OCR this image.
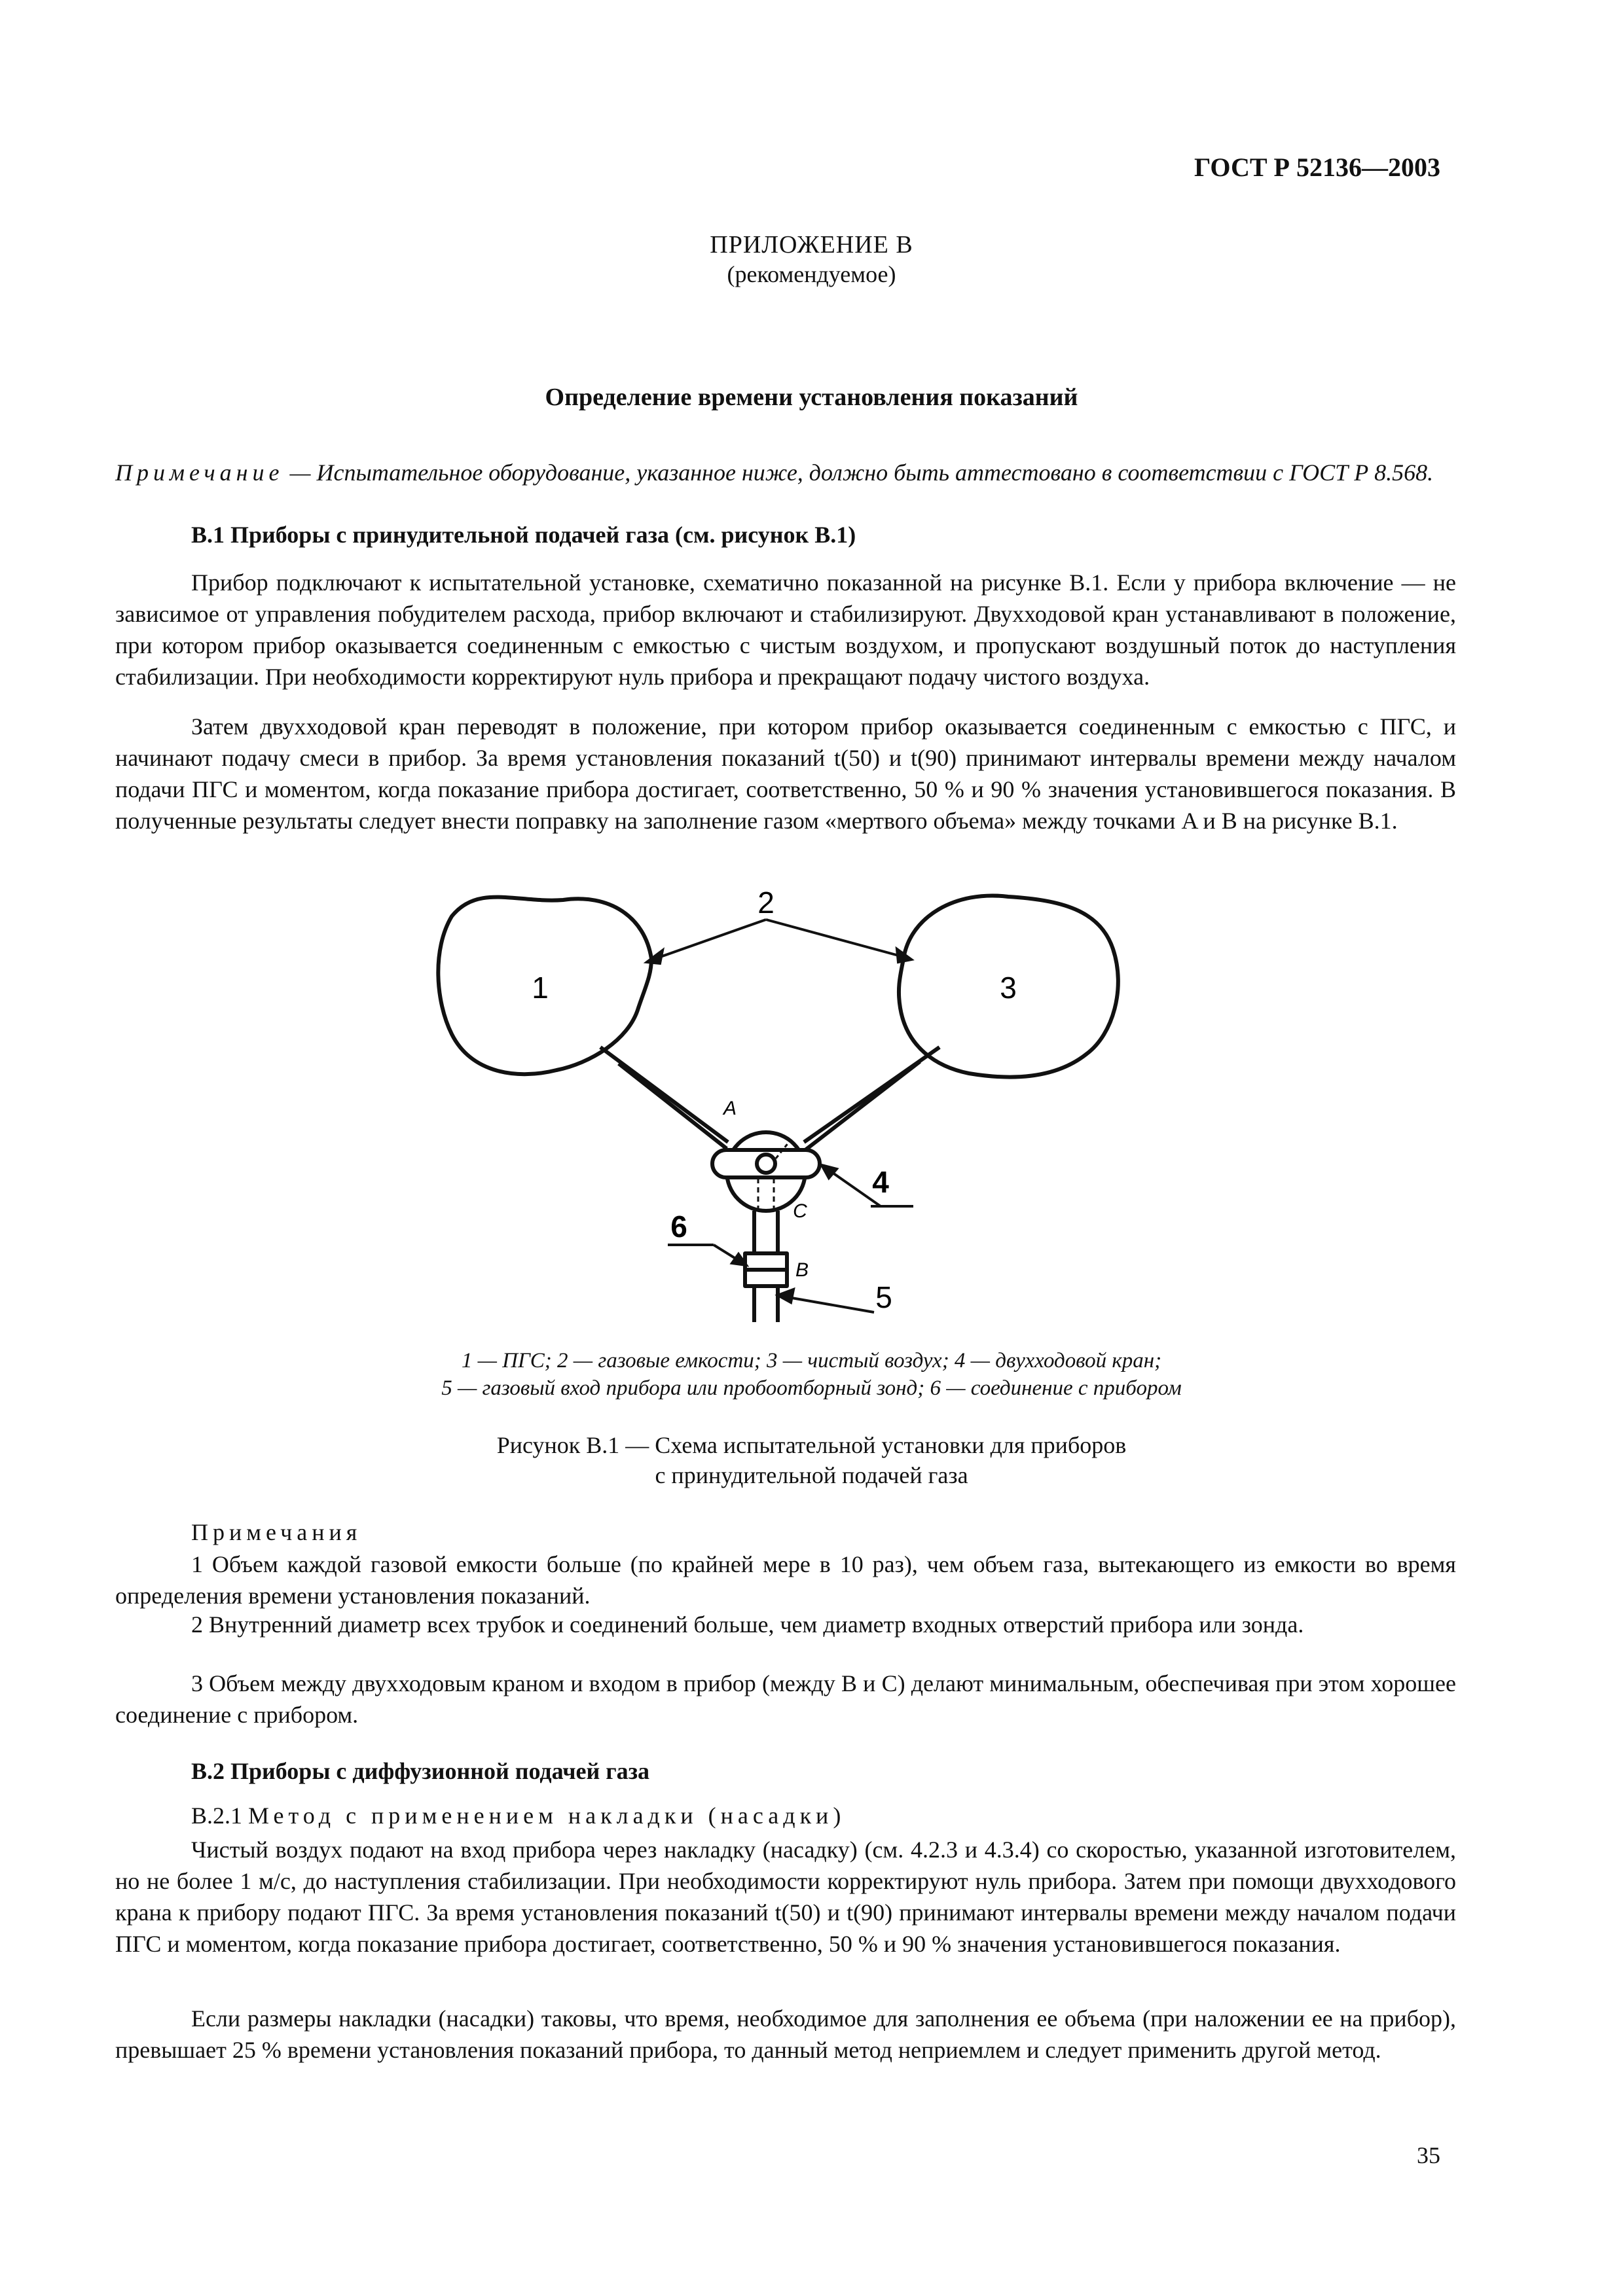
ГОСТ Р 52136—2003
ПРИЛОЖЕНИЕ В
(рекомендуемое)
Определение времени установления показаний
Примечание — Испытательное оборудование, указанное ниже, должно быть аттестовано в соответствии с ГОСТ Р 8.568.
В.1 Приборы с принудительной подачей газа (см. рисунок В.1)
Прибор подключают к испытательной установке, схематично показанной на рисунке В.1. Если у прибора включение — не зависимое от управления побудителем расхода, прибор включают и стабилизируют. Двухходовой кран устанавливают в положение, при котором прибор оказывается соединенным с емкостью с чистым воздухом, и пропускают воздушный поток до наступления стабилизации. При необходимости корректируют нуль прибора и прекращают подачу чистого воздуха.
Затем двухходовой кран переводят в положение, при котором прибор оказывается соединенным с емкостью с ПГС, и начинают подачу смеси в прибор. За время установления показаний t(50) и t(90) принимают интервалы времени между началом подачи ПГС и моментом, когда показание прибора достигает, соответственно, 50 % и 90 % значения установившегося показания. В полученные результаты следует внести поправку на заполнение газом «мертвого объема» между точками A и B на рисунке В.1.
2
1	3
A
4
C
6
B
5
1 — ПГС; 2 — газовые емкости; 3 — чистый воздух; 4 — двухходовой кран;
5 — газовый вход прибора или пробоотборный зонд; 6 — соединение с прибором
Рисунок В.1 — Схема испытательной установки для приборов
с принудительной подачей газа
Примечания
1 Объем каждой газовой емкости больше (по крайней мере в 10 раз), чем объем газа, вытекающего из емкости во время определения времени установления показаний.
2 Внутренний диаметр всех трубок и соединений больше, чем диаметр входных отверстий прибора или зонда.
3 Объем между двухходовым краном и входом в прибор (между B и C) делают минимальным, обеспечивая при этом хорошее соединение с прибором.
В.2 Приборы с диффузионной подачей газа
В.2.1 Метод с применением накладки (насадки)
Чистый воздух подают на вход прибора через накладку (насадку) (см. 4.2.3 и 4.3.4) со скоростью, указанной изготовителем, но не более 1 м/с, до наступления стабилизации. При необходимости корректируют нуль прибора. Затем при помощи двухходового крана к прибору подают ПГС. За время установления показаний t(50) и t(90) принимают интервалы времени между началом подачи ПГС и моментом, когда показание прибора достигает, соответственно, 50 % и 90 % значения установившегося показания.
Если размеры накладки (насадки) таковы, что время, необходимое для заполнения ее объема (при наложении ее на прибор), превышает 25 % времени установления показаний прибора, то данный метод неприемлем и следует применить другой метод.
35
